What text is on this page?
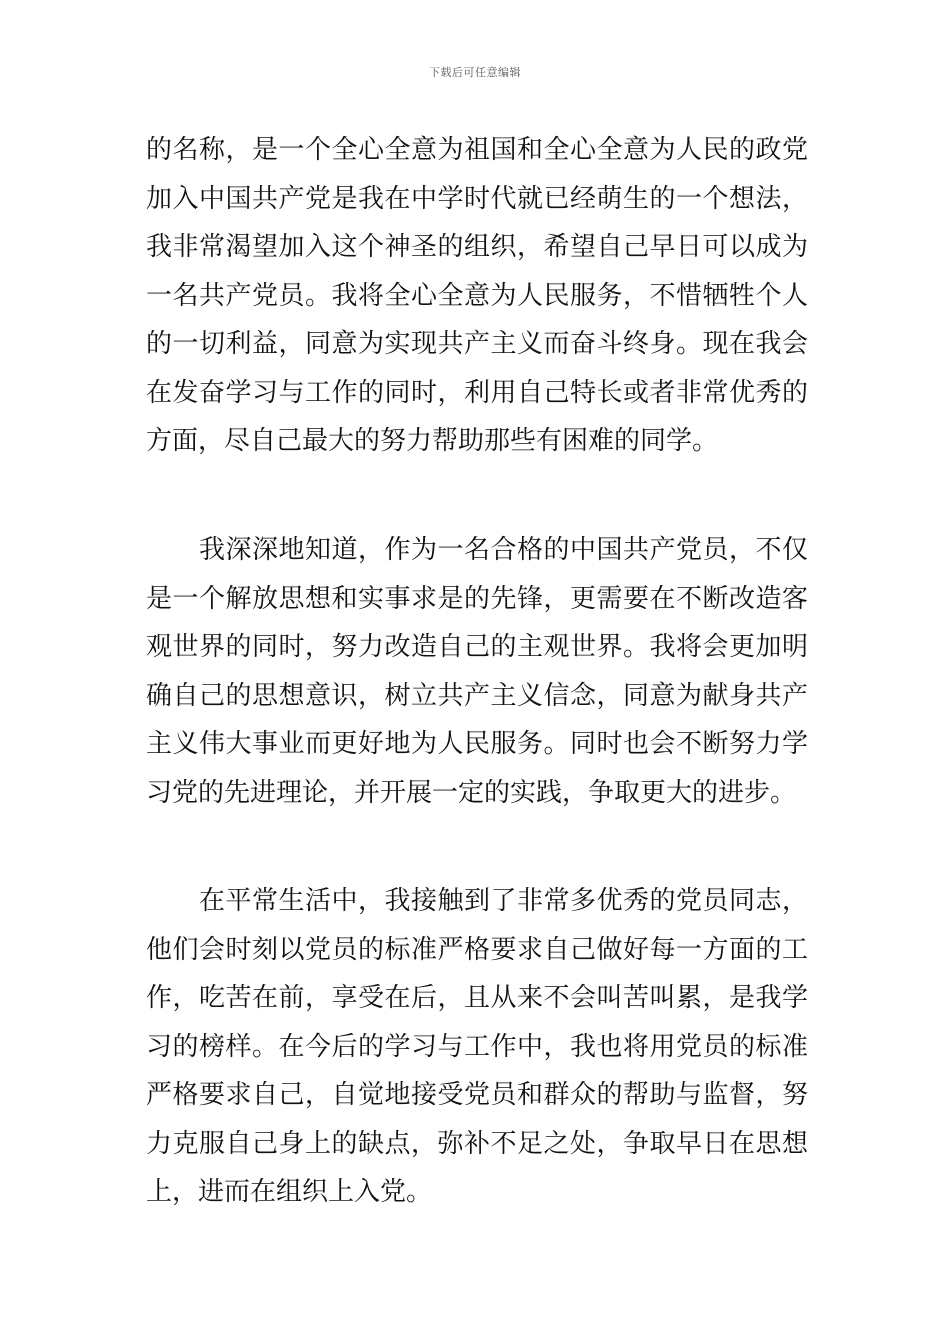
下载后可任意编辑
的名称，是一个全心全意为祖国和全心全意为人民的政党
加入中国共产党是我在中学时代就已经萌生的一个想法，
我非常渴望加入这个神圣的组织，希望自己早日可以成为
一名共产党员。我将全心全意为人民服务，不惜牺牲个人
的一切利益，同意为实现共产主义而奋斗终身。现在我会
在发奋学习与工作的同时，利用自己特长或者非常优秀的
方面，尽自己最大的努力帮助那些有困难的同学。
　　我深深地知道，作为一名合格的中国共产党员，不仅
是一个解放思想和实事求是的先锋，更需要在不断改造客
观世界的同时，努力改造自己的主观世界。我将会更加明
确自己的思想意识，树立共产主义信念，同意为献身共产
主义伟大事业而更好地为人民服务。同时也会不断努力学
习党的先进理论，并开展一定的实践，争取更大的进步。
　　在平常生活中，我接触到了非常多优秀的党员同志，
他们会时刻以党员的标准严格要求自己做好每一方面的工
作，吃苦在前，享受在后，且从来不会叫苦叫累，是我学
习的榜样。在今后的学习与工作中，我也将用党员的标准
严格要求自己，自觉地接受党员和群众的帮助与监督，努
力克服自己身上的缺点，弥补不足之处，争取早日在思想
上，进而在组织上入党。
